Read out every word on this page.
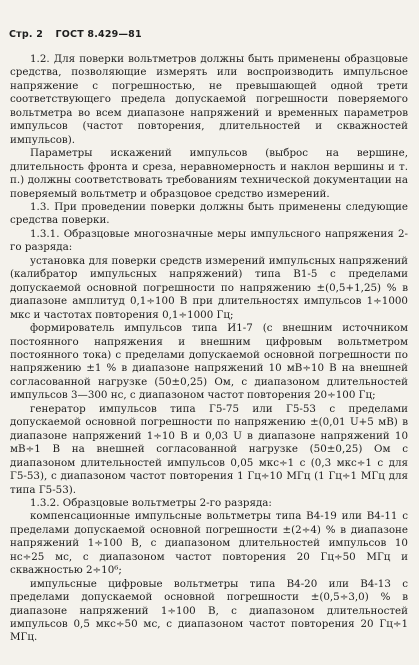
Стр. 2 ГОСТ 8.429—81

1.2. Для поверки вольтметров должны быть применены образцовые средства, позволяющие измерять или воспроизводить импульсное напряжение с погрешностью, не превышающей одной трети соответствующего предела допускаемой погрешности поверяемого вольтметра во всем диапазоне напряжений и временных параметров импульсов (частот повторения, длительностей и скважностей импульсов).

Параметры искажений импульсов (выброс на вершине, длительность фронта и среза, неравномерность и наклон вершины и т. п.) должны соответствовать требованиям технической документации на поверяемый вольтметр и образцовое средство измерений.

1.3. При проведении поверки должны быть применены следующие средства поверки.

1.3.1. Образцовые многозначные меры импульсного напряжения 2-го разряда:

установка для поверки средств измерений импульсных напряжений (калибратор импульсных напряжений) типа В1-5 с пределами допускаемой основной погрешности по напряжению ±(0,5+1,25) % в диапазоне амплитуд 0,1÷100 В при длительностях импульсов 1÷1000 мкс и частотах повторения 0,1÷1000 Гц;

формирователь импульсов типа И1-7 (с внешним источником постоянного напряжения и внешним цифровым вольтметром постоянного тока) с пределами допускаемой основной погрешности по напряжению ±1 % в диапазоне напряжений 10 мВ÷10 В на внешней согласованной нагрузке (50±0,25) Ом, с диапазоном длительностей импульсов 3—300 нс, с диапазоном частот повторения 20÷100 Гц;

генератор импульсов типа Г5-75 или Г5-53 с пределами допускаемой основной погрешности по напряжению ±(0,01 U+5 мВ) в диапазоне напряжений 1÷10 В и 0,03 U в диапазоне напряжений 10 мВ÷1 В на внешней согласованной нагрузке (50±0,25) Ом с диапазоном длительностей импульсов 0,05 мкс÷1 с (0,3 мкс÷1 с для Г5-53), с диапазоном частот повторения 1 Гц÷10 МГц (1 Гц÷1 МГц для типа Г5-53).

1.3.2. Образцовые вольтметры 2-го разряда:

компенсационные импульсные вольтметры типа В4-19 или В4-11 с пределами допускаемой основной погрешности ±(2÷4) % в диапазоне напряжений 1÷100 В, с диапазоном длительностей импульсов 10 нс÷25 мс, с диапазоном частот повторения 20 Гц÷50 МГц и скважностью 2÷10⁶;

импульсные цифровые вольтметры типа В4-20 или В4-13 с пределами допускаемой основной погрешности ±(0,5÷3,0) % в диапазоне напряжений 1÷100 В, с диапазоном длительностей импульсов 0,5 мкс÷50 мс, с диапазоном частот повторения 20 Гц÷1 МГц.
